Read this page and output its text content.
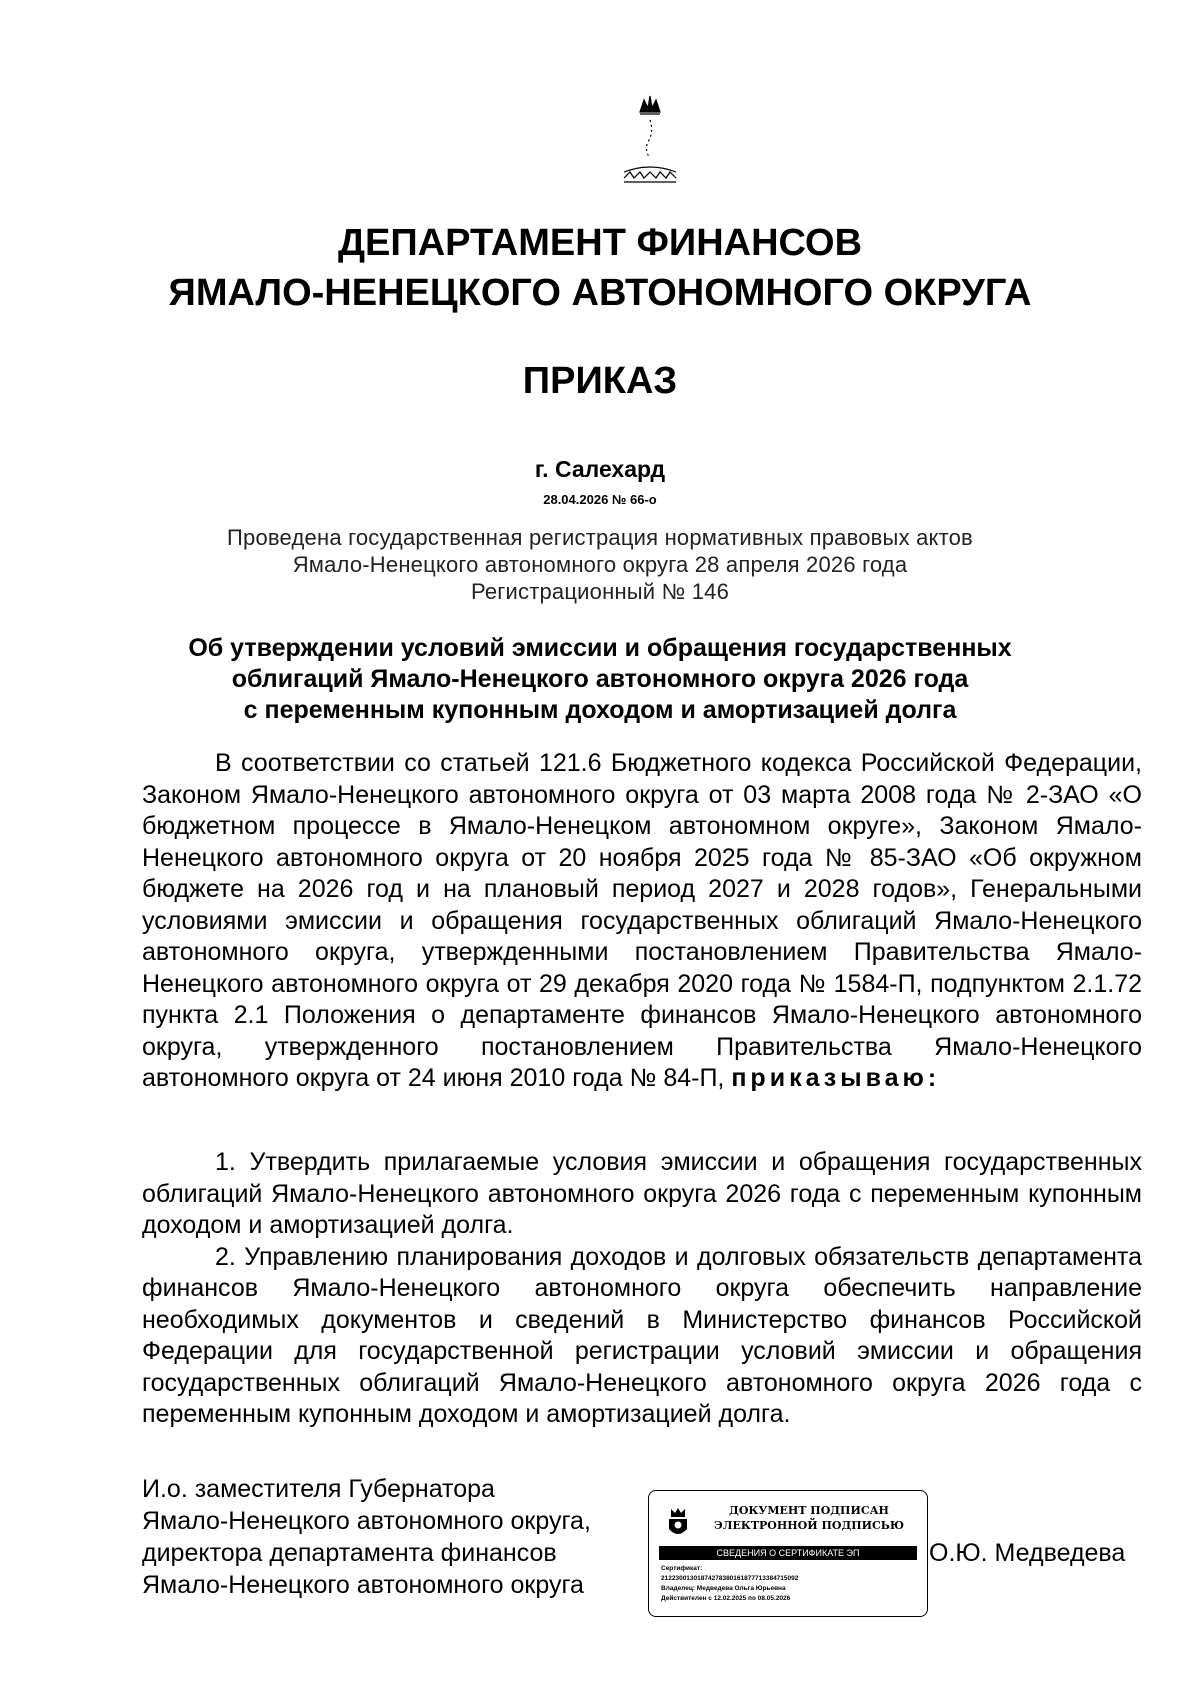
ДЕПАРТАМЕНТ ФИНАНСОВ
ЯМАЛО-НЕНЕЦКОГО АВТОНОМНОГО ОКРУГА
ПРИКАЗ
г. Салехард
28.04.2026 № 66-о
Проведена государственная регистрация нормативных правовых актов
Ямало-Ненецкого автономного округа 28 апреля 2026 года
Регистрационный № 146
Об утверждении условий эмиссии и обращения государственных
облигаций Ямало-Ненецкого автономного округа 2026 года
с переменным купонным доходом и амортизацией долга

В соответствии со статьей 121.6 Бюджетного кодекса Российской Федерации, Законом Ямало-Ненецкого автономного округа от 03 марта 2008 года № 2-ЗАО «О бюджетном процессе в Ямало-Ненецком автономном округе», Законом Ямало-Ненецкого автономного округа от 20 ноября 2025 года № 85-ЗАО «Об окружном бюджете на 2026 год и на плановый период 2027 и 2028 годов», Генеральными условиями эмиссии и обращения государственных облигаций Ямало-Ненецкого автономного округа, утвержденными постановлением Правительства Ямало-Ненецкого автономного округа от 29 декабря 2020 года № 1584-П, подпунктом 2.1.72 пункта 2.1 Положения о департаменте финансов Ямало-Ненецкого автономного округа, утвержденного постановлением Правительства Ямало-Ненецкого автономного округа от 24 июня 2010 года № 84-П, приказываю:

1. Утвердить прилагаемые условия эмиссии и обращения государственных облигаций Ямало-Ненецкого автономного округа 2026 года с переменным купонным доходом и амортизацией долга.

2. Управлению планирования доходов и долговых обязательств департамента финансов Ямало-Ненецкого автономного округа обеспечить направление необходимых документов и сведений в Министерство финансов Российской Федерации для государственной регистрации условий эмиссии и обращения государственных облигаций Ямало-Ненецкого автономного округа 2026 года с переменным купонным доходом и амортизацией долга.

И.о. заместителя Губернатора
Ямало-Ненецкого автономного округа,
директора департамента финансов
Ямало-Ненецкого автономного округа
ДОКУМЕНТ ПОДПИСАН
ЭЛЕКТРОННОЙ ПОДПИСЬЮ
СВЕДЕНИЯ О СЕРТИФИКАТЕ ЭП
Сертификат:
21223001301874278380161877713384715092
Владелец: Медведева Ольга Юрьевна
Действителен с 12.02.2025 по 08.05.2026
О.Ю. Медведева
